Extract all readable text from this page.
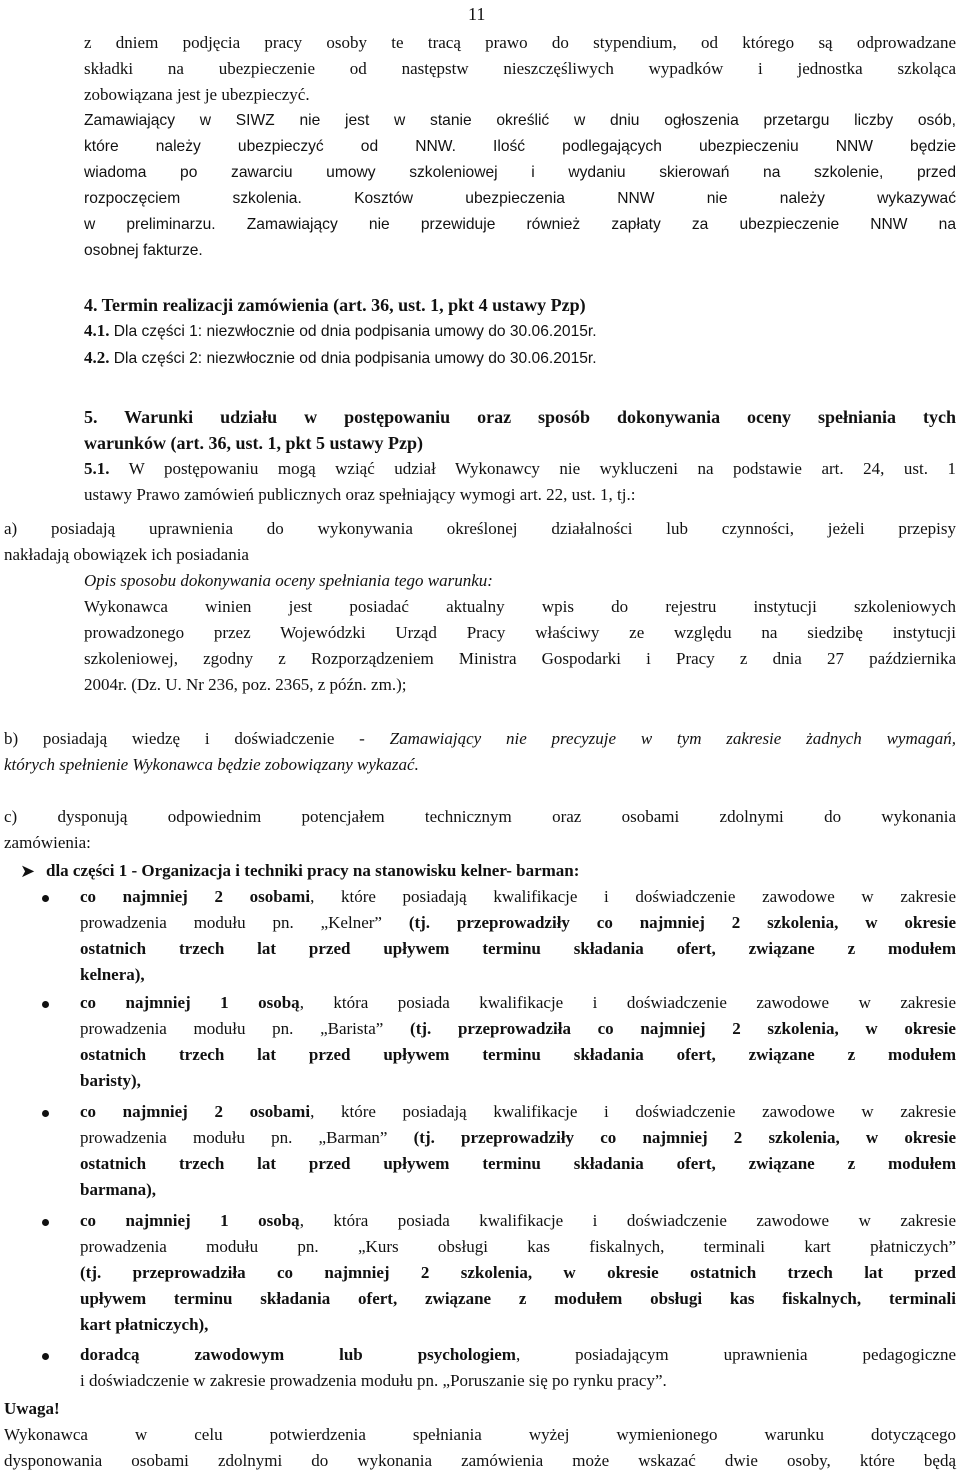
11
z dniem podjęcia pracy osoby te tracą prawo do stypendium, od którego są odprowadzane
składki na ubezpieczenie od następstw nieszczęśliwych wypadków i jednostka szkoląca
zobowiązana jest je ubezpieczyć.
Zamawiający w SIWZ nie jest w stanie określić w dniu ogłoszenia przetargu liczby osób,
które należy ubezpieczyć od NNW. Ilość podlegających ubezpieczeniu NNW będzie
wiadoma po zawarciu umowy szkoleniowej i wydaniu skierowań na szkolenie, przed
rozpoczęciem szkolenia.	Kosztów ubezpieczenia NNW nie należy wykazywać
w preliminarzu. Zamawiający nie przewiduje również zapłaty za ubezpieczenie NNW na
osobnej fakturze.
4. Termin realizacji zamówienia (art. 36, ust. 1, pkt 4 ustawy Pzp)
4.1. Dla części 1: niezwłocznie od dnia podpisania umowy do 30.06.2015r.
4.2. Dla części 2: niezwłocznie od dnia podpisania umowy do 30.06.2015r.
5. Warunki udziału w postępowaniu oraz sposób dokonywania oceny spełniania tych
warunków (art. 36, ust. 1, pkt 5 ustawy Pzp)
5.1. W postępowaniu mogą wziąć udział Wykonawcy nie wykluczeni na podstawie art. 24, ust. 1
ustawy Prawo zamówień publicznych oraz spełniający wymogi art. 22, ust. 1, tj.:
a) posiadają uprawnienia do wykonywania określonej działalności lub czynności, jeżeli przepisy
nakładają obowiązek ich posiadania
Opis sposobu dokonywania oceny spełniania tego warunku:
Wykonawca winien jest posiadać aktualny wpis do rejestru instytucji szkoleniowych
prowadzonego przez Wojewódzki Urząd Pracy właściwy ze względu na siedzibę instytucji
szkoleniowej, zgodny z Rozporządzeniem Ministra Gospodarki i Pracy z dnia 27 października
2004r. (Dz. U. Nr 236, poz. 2365, z późn. zm.);
b) posiadają wiedzę i doświadczenie - Zamawiający nie precyzuje w tym zakresie żadnych wymagań,
których spełnienie Wykonawca będzie zobowiązany wykazać.
c) dysponują odpowiednim potencjałem technicznym oraz osobami zdolnymi do wykonania
zamówienia:
➤ dla części 1 - Organizacja i techniki pracy na stanowisku kelner- barman:
co najmniej 2 osobami, które posiadają kwalifikacje i doświadczenie zawodowe w zakresie
prowadzenia modułu pn. „Kelner” (tj. przeprowadziły co najmniej 2 szkolenia, w okresie
ostatnich trzech lat przed upływem terminu składania ofert, związane z modułem
kelnera),
co najmniej 1 osobą, która posiada kwalifikacje i doświadczenie zawodowe w zakresie
prowadzenia modułu pn. „Barista” (tj. przeprowadziła co najmniej 2 szkolenia, w okresie
ostatnich trzech lat przed upływem terminu składania ofert, związane z modułem
baristy),
co najmniej 2 osobami, które posiadają kwalifikacje i doświadczenie zawodowe w zakresie
prowadzenia modułu pn. „Barman” (tj. przeprowadziły co najmniej 2 szkolenia, w okresie
ostatnich trzech lat przed upływem terminu składania ofert, związane z modułem
barmana),
co najmniej 1 osobą, która posiada kwalifikacje i doświadczenie zawodowe w zakresie
prowadzenia modułu pn. „Kurs obsługi kas fiskalnych, terminali kart płatniczych”
(tj. przeprowadziła co najmniej 2 szkolenia, w okresie ostatnich trzech lat przed
upływem terminu składania ofert, związane z modułem obsługi kas fiskalnych, terminali
kart płatniczych),
doradcą zawodowym lub psychologiem, posiadającym uprawnienia pedagogiczne
i doświadczenie w zakresie prowadzenia modułu pn. „Poruszanie się po rynku pracy”.
Uwaga!
Wykonawca w celu potwierdzenia spełniania wyżej wymienionego warunku dotyczącego
dysponowania osobami zdolnymi do wykonania zamówienia może wskazać dwie osoby, które będą
